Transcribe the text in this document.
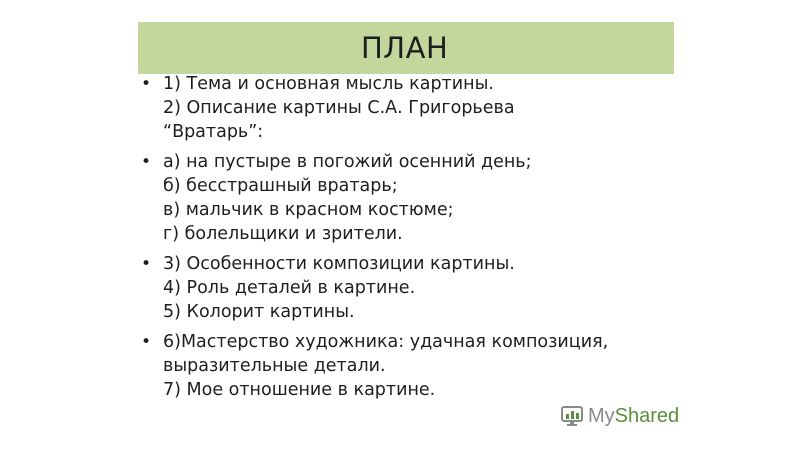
ПЛАН
• 1) Тема и основная мысль картины.
2) Описание картины С.А. Григорьева
“Вратарь”:
• а) на пустыре в погожий осенний день;
б) бесстрашный вратарь;
в) мальчик в красном костюме;
г) болельщики и зрители.
• 3) Особенности композиции картины.
4) Роль деталей в картине.
5) Колорит картины.
• 6)Мастерство художника: удачная композиция,
выразительные детали.
7) Мое отношение в картине.
MyShared
